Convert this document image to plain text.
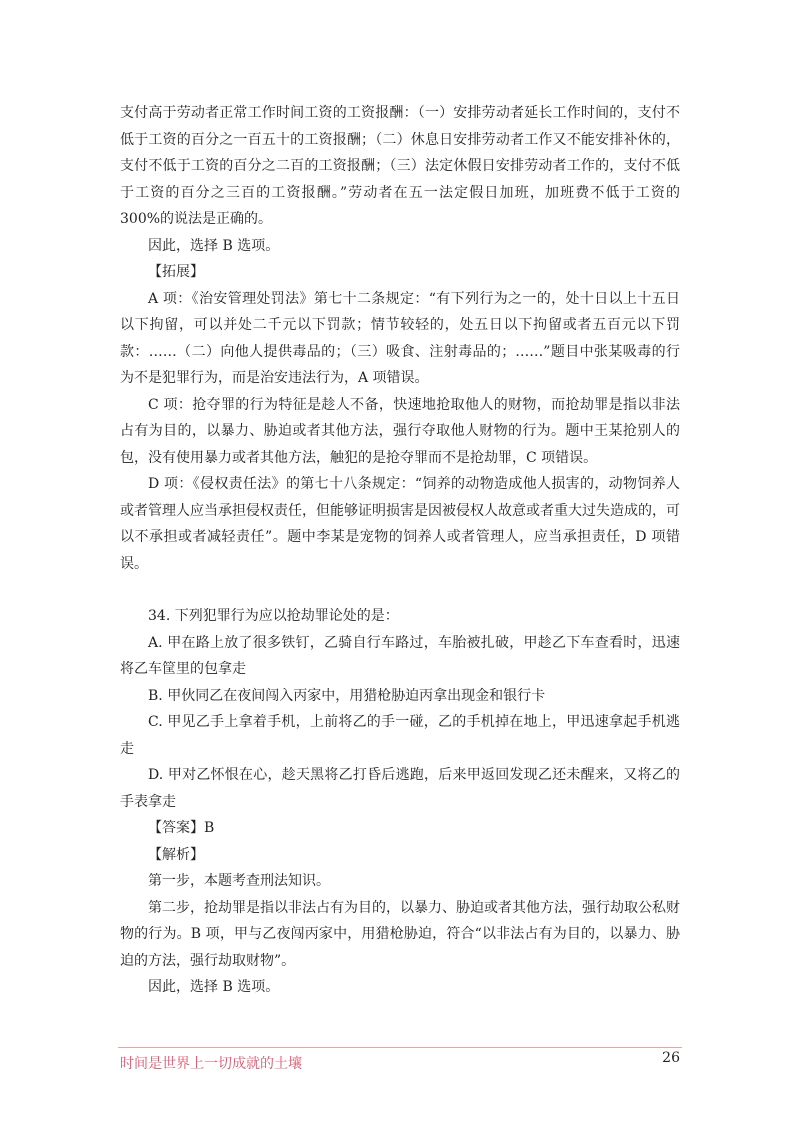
支付高于劳动者正常工作时间工资的工资报酬：（一）安排劳动者延长工作时间的，支付不低于工资的百分之一百五十的工资报酬；（二）休息日安排劳动者工作又不能安排补休的，支付不低于工资的百分之二百的工资报酬；（三）法定休假日安排劳动者工作的，支付不低于工资的百分之三百的工资报酬。”劳动者在五一法定假日加班，加班费不低于工资的 300%的说法是正确的。

因此，选择 B 选项。

【拓展】

A 项：《治安管理处罚法》第七十二条规定：“有下列行为之一的，处十日以上十五日以下拘留，可以并处二千元以下罚款；情节较轻的，处五日以下拘留或者五百元以下罚款：……（二）向他人提供毒品的；（三）吸食、注射毒品的；……”题目中张某吸毒的行为不是犯罪行为，而是治安违法行为，A 项错误。

C 项：抢夺罪的行为特征是趁人不备，快速地抢取他人的财物，而抢劫罪是指以非法占有为目的，以暴力、胁迫或者其他方法，强行夺取他人财物的行为。题中王某抢别人的包，没有使用暴力或者其他方法，触犯的是抢夺罪而不是抢劫罪，C 项错误。

D 项：《侵权责任法》的第七十八条规定：“饲养的动物造成他人损害的，动物饲养人或者管理人应当承担侵权责任，但能够证明损害是因被侵权人故意或者重大过失造成的，可以不承担或者减轻责任”。题中李某是宠物的饲养人或者管理人，应当承担责任，D 项错误。

34. 下列犯罪行为应以抢劫罪论处的是：

A. 甲在路上放了很多铁钉，乙骑自行车路过，车胎被扎破，甲趁乙下车查看时，迅速将乙车筐里的包拿走

B. 甲伙同乙在夜间闯入丙家中，用猎枪胁迫丙拿出现金和银行卡

C. 甲见乙手上拿着手机，上前将乙的手一碰，乙的手机掉在地上，甲迅速拿起手机逃走

D. 甲对乙怀恨在心，趁天黑将乙打昏后逃跑，后来甲返回发现乙还未醒来，又将乙的手表拿走

【答案】B

【解析】

第一步，本题考查刑法知识。

第二步，抢劫罪是指以非法占有为目的，以暴力、胁迫或者其他方法，强行劫取公私财物的行为。B 项，甲与乙夜闯丙家中，用猎枪胁迫，符合“以非法占有为目的，以暴力、胁迫的方法，强行劫取财物”。

因此，选择 B 选项。

时间是世界上一切成就的土壤	26
